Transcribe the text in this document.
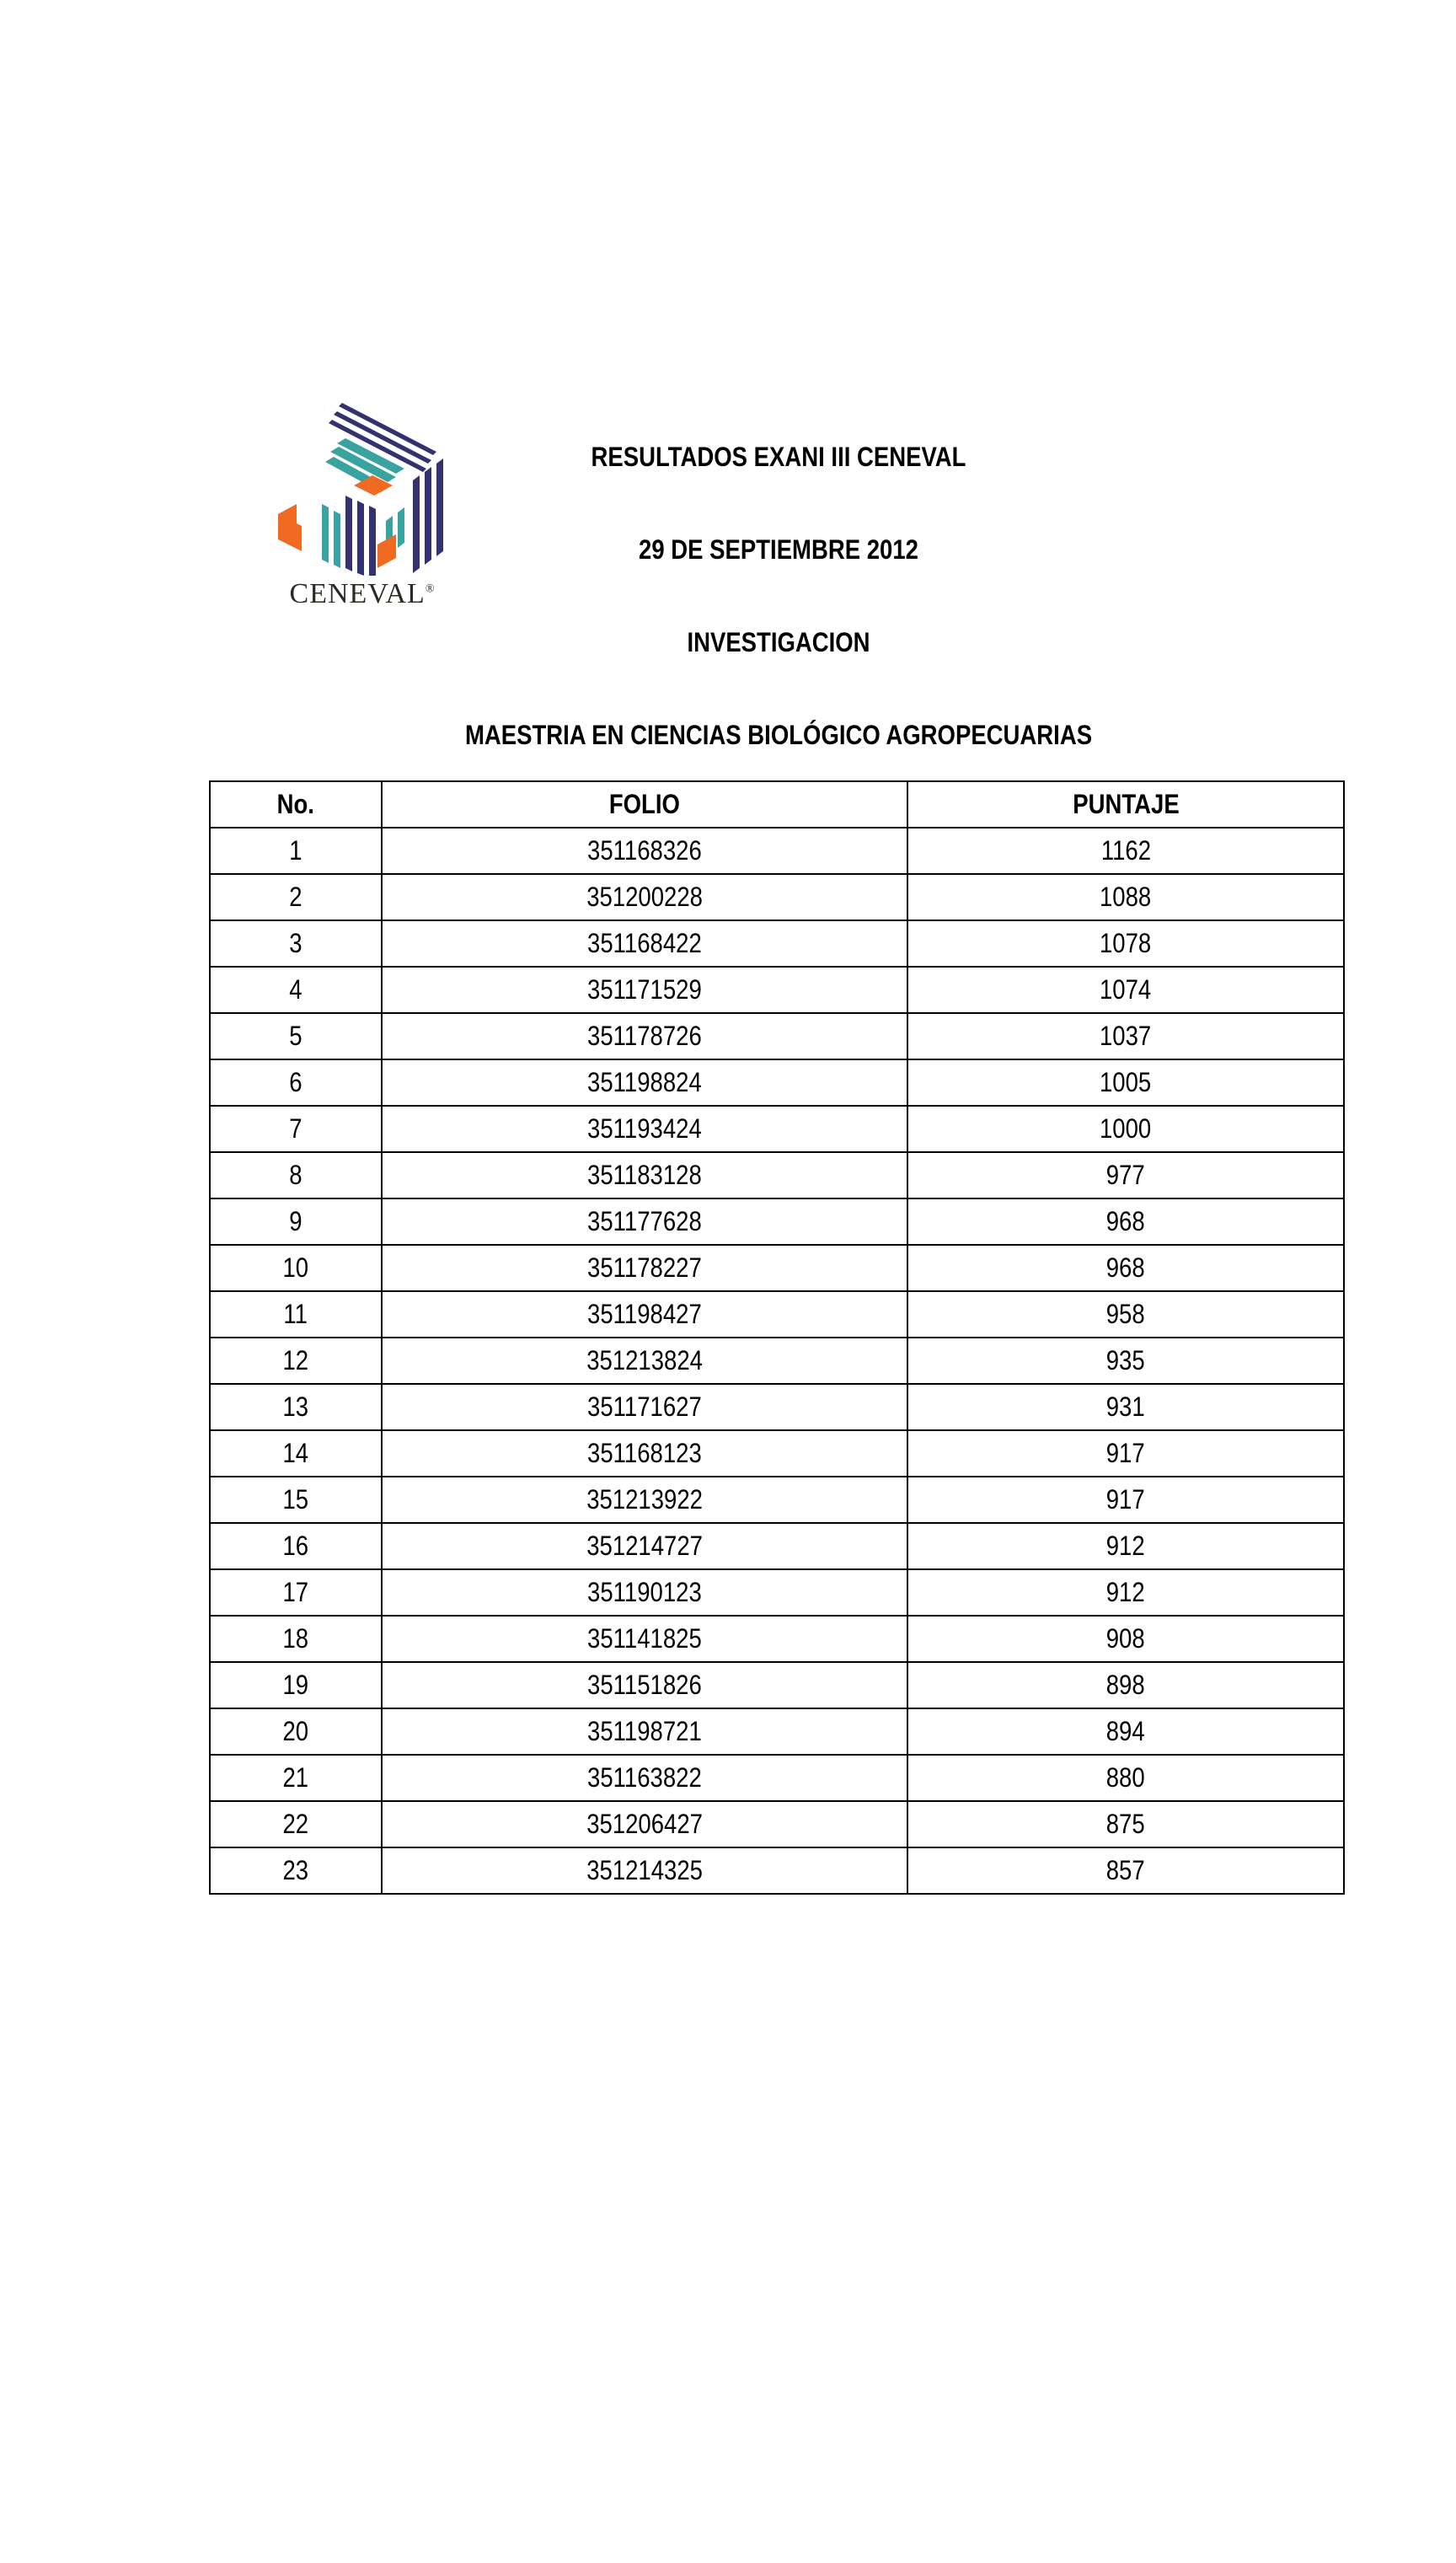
CENEVAL®
RESULTADOS EXANI III CENEVAL
29 DE SEPTIEMBRE 2012
INVESTIGACION
MAESTRIA EN CIENCIAS BIOLÓGICO AGROPECUARIAS
No.	FOLIO	PUNTAJE
1	351168326	1162
2	351200228	1088
3	351168422	1078
4	351171529	1074
5	351178726	1037
6	351198824	1005
7	351193424	1000
8	351183128	977
9	351177628	968
10	351178227	968
11	351198427	958
12	351213824	935
13	351171627	931
14	351168123	917
15	351213922	917
16	351214727	912
17	351190123	912
18	351141825	908
19	351151826	898
20	351198721	894
21	351163822	880
22	351206427	875
23	351214325	857
